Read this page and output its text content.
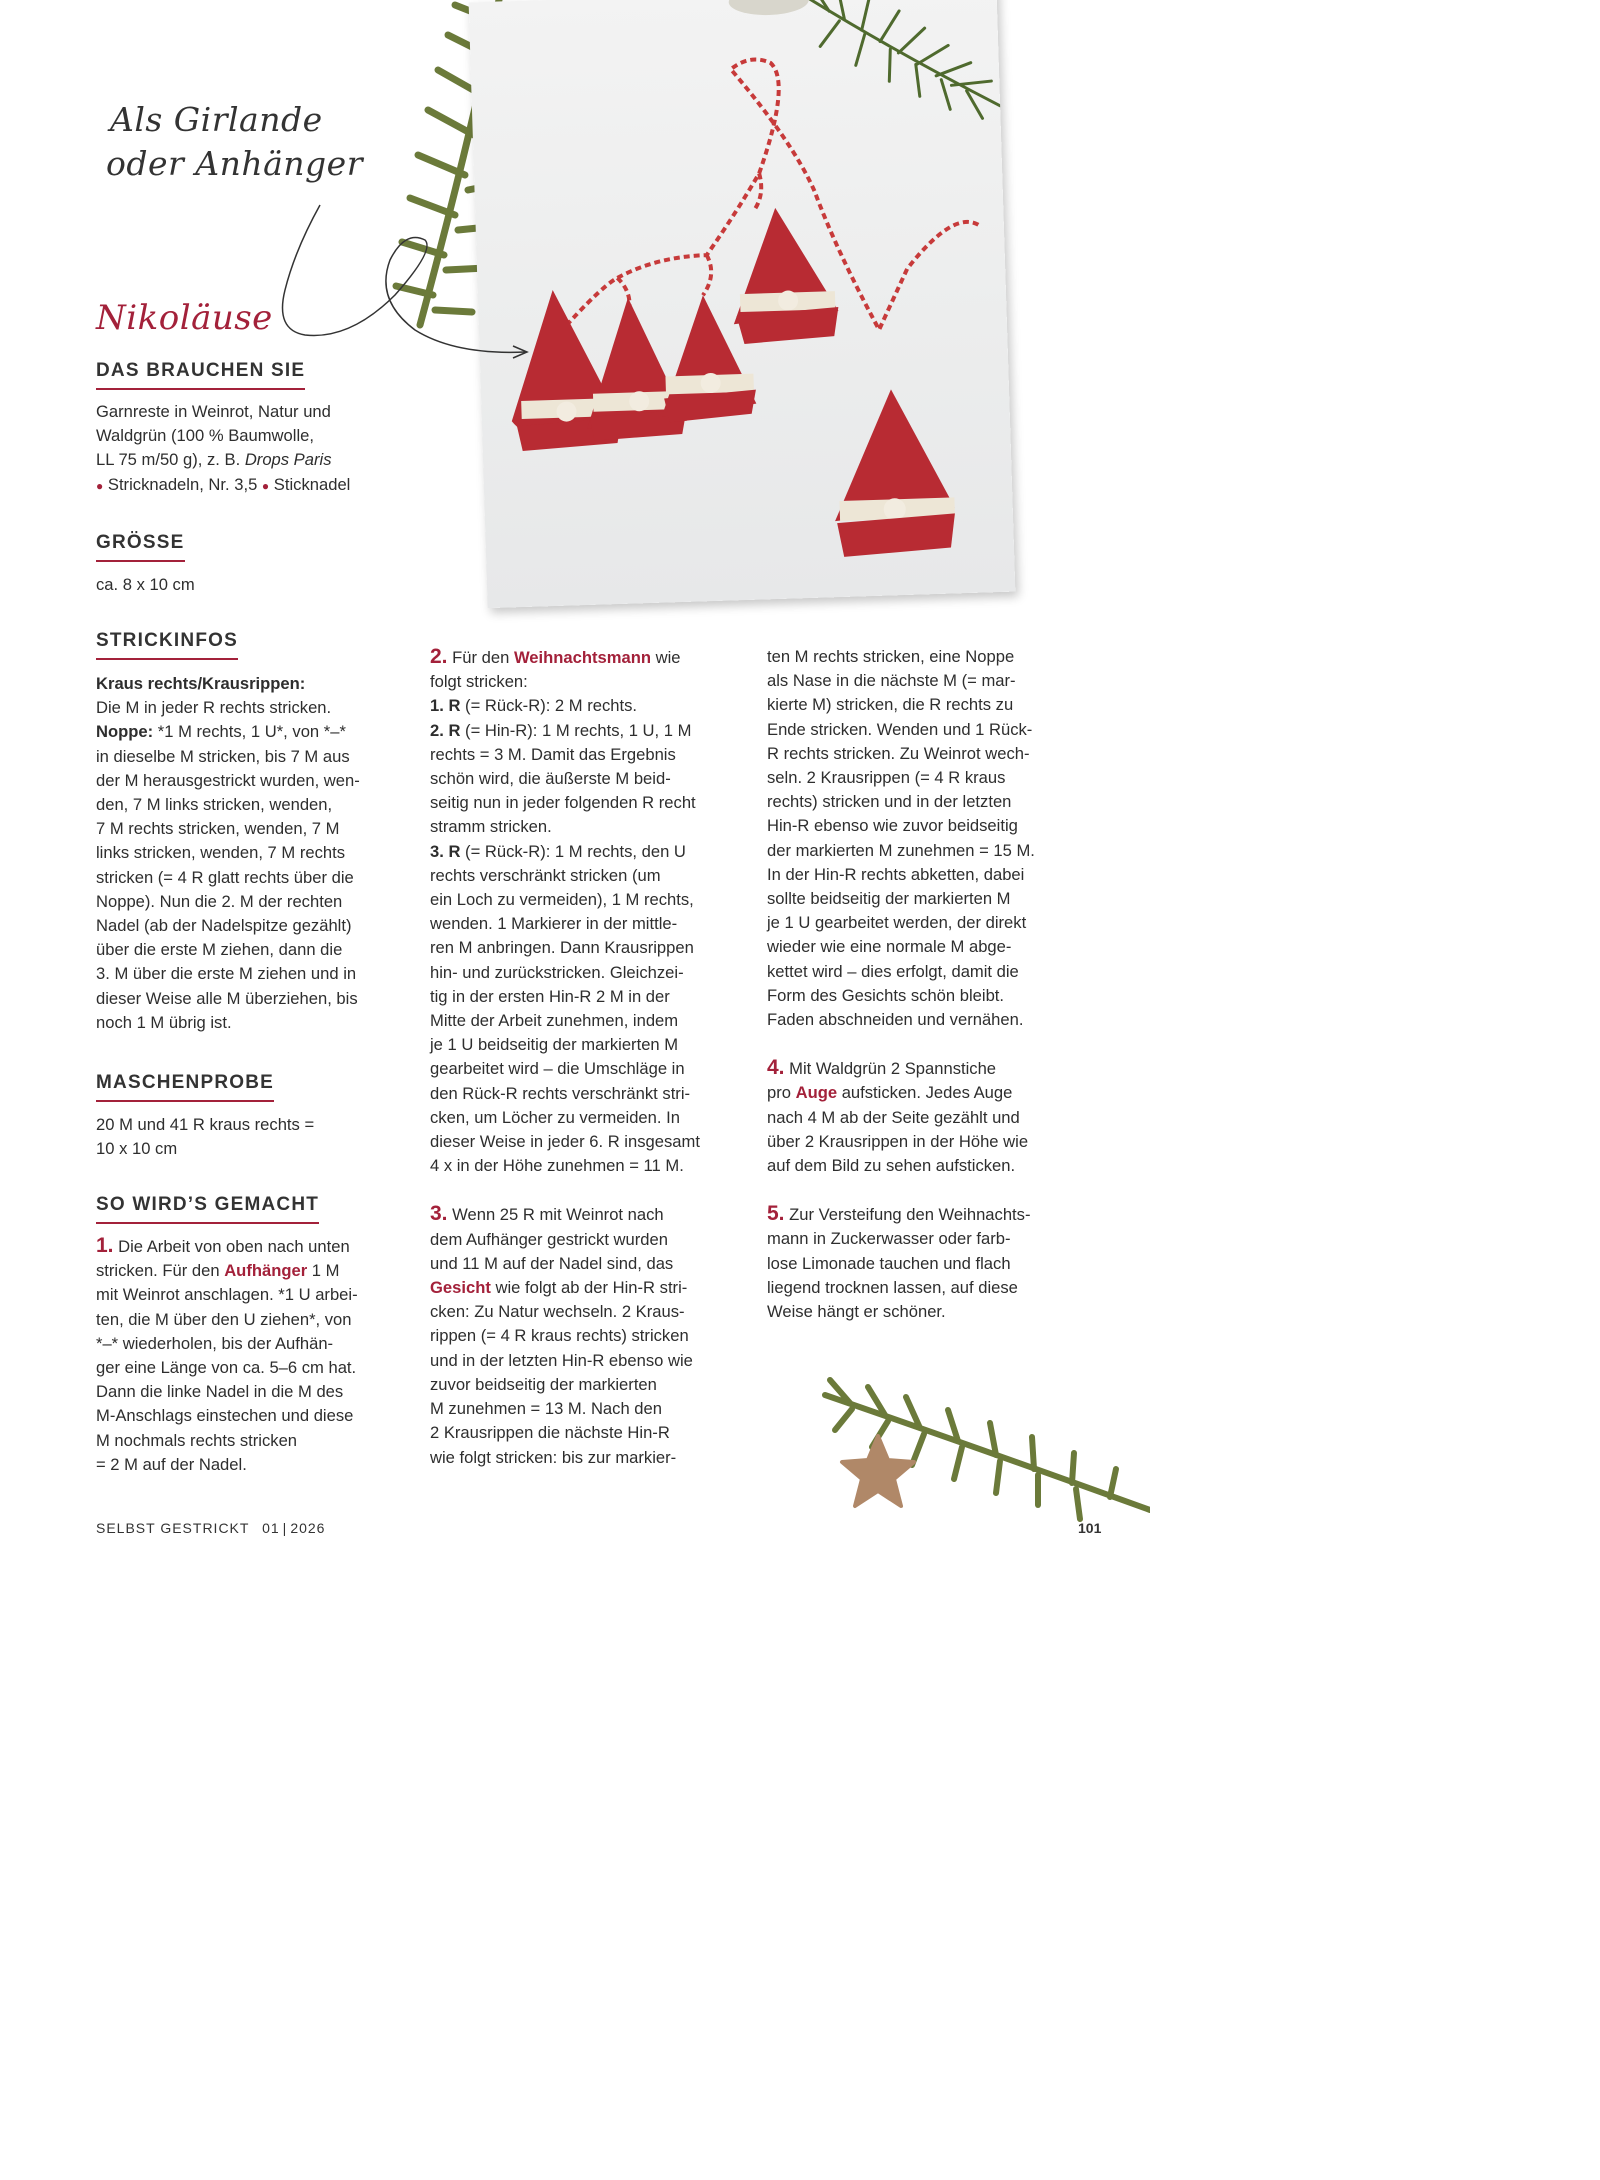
Als Girlande
oder Anhänger
Nikoläuse
DAS BRAUCHEN SIE
Garnreste in Weinrot, Natur und
Waldgrün (100 % Baumwolle,
LL 75 m/50 g), z. B. Drops Paris
● Stricknadeln, Nr. 3,5 ● Sticknadel
GRÖSSE
ca. 8 x 10 cm
STRICKINFOS

Kraus rechts/Krausrippen:

Die M in jeder R rechts stricken.

Noppe: *1 M rechts, 1 U*, von *–*

in dieselbe M stricken, bis 7 M aus

der M herausgestrickt wurden, wen-

den, 7 M links stricken, wenden,

7 M rechts stricken, wenden, 7 M

links stricken, wenden, 7 M rechts

stricken (= 4 R glatt rechts über die

Noppe). Nun die 2. M der rechten

Nadel (ab der Nadelspitze gezählt)

über die erste M ziehen, dann die

3. M über die erste M ziehen und in

dieser Weise alle M überziehen, bis

noch 1 M übrig ist.

MASCHENPROBE

20 M und 41 R kraus rechts =

10 x 10 cm

SO WIRD’S GEMACHT

1. Die Arbeit von oben nach unten

stricken. Für den Aufhänger 1 M

mit Weinrot anschlagen. *1 U arbei-

ten, die M über den U ziehen*, von

*–* wiederholen, bis der Aufhän-

ger eine Länge von ca. 5–6 cm hat.

Dann die linke Nadel in die M des

M-Anschlags einstechen und diese

M nochmals rechts stricken

= 2 M auf der Nadel.

2. Für den Weihnachtsmann wie

folgt stricken:

1. R (= Rück-R): 2 M rechts.

2. R (= Hin-R): 1 M rechts, 1 U, 1 M

rechts = 3 M. Damit das Ergebnis

schön wird, die äußerste M beid-

seitig nun in jeder folgenden R recht

stramm stricken.

3. R (= Rück-R): 1 M rechts, den U

rechts verschränkt stricken (um

ein Loch zu vermeiden), 1 M rechts,

wenden. 1 Markierer in der mittle-

ren M anbringen. Dann Krausrippen

hin- und zurückstricken. Gleichzei-

tig in der ersten Hin-R 2 M in der

Mitte der Arbeit zunehmen, indem

je 1 U beidseitig der markierten M

gearbeitet wird – die Umschläge in

den Rück-R rechts verschränkt stri-

cken, um Löcher zu vermeiden. In

dieser Weise in jeder 6. R insgesamt

4 x in der Höhe zunehmen = 11 M.

3. Wenn 25 R mit Weinrot nach

dem Aufhänger gestrickt wurden

und 11 M auf der Nadel sind, das

Gesicht wie folgt ab der Hin-R stri-

cken: Zu Natur wechseln. 2 Kraus-

rippen (= 4 R kraus rechts) stricken

und in der letzten Hin-R ebenso wie

zuvor beidseitig der markierten

M zunehmen = 13 M. Nach den

2 Krausrippen die nächste Hin-R

wie folgt stricken: bis zur markier-

ten M rechts stricken, eine Noppe

als Nase in die nächste M (= mar-

kierte M) stricken, die R rechts zu

Ende stricken. Wenden und 1 Rück-

R rechts stricken. Zu Weinrot wech-

seln. 2 Krausrippen (= 4 R kraus

rechts) stricken und in der letzten

Hin-R ebenso wie zuvor beidseitig

der markierten M zunehmen = 15 M.

In der Hin-R rechts abketten, dabei

sollte beidseitig der markierten M

je 1 U gearbeitet werden, der direkt

wieder wie eine normale M abge-

kettet wird – dies erfolgt, damit die

Form des Gesichts schön bleibt.

Faden abschneiden und vernähen.

4. Mit Waldgrün 2 Spannstiche

pro Auge aufsticken. Jedes Auge

nach 4 M ab der Seite gezählt und

über 2 Krausrippen in der Höhe wie

auf dem Bild zu sehen aufsticken.

5. Zur Versteifung den Weihnachts-

mann in Zuckerwasser oder farb-

lose Limonade tauchen und flach

liegend trocknen lassen, auf diese

Weise hängt er schöner.

SELBST GESTRICKT 01 | 2026	101
